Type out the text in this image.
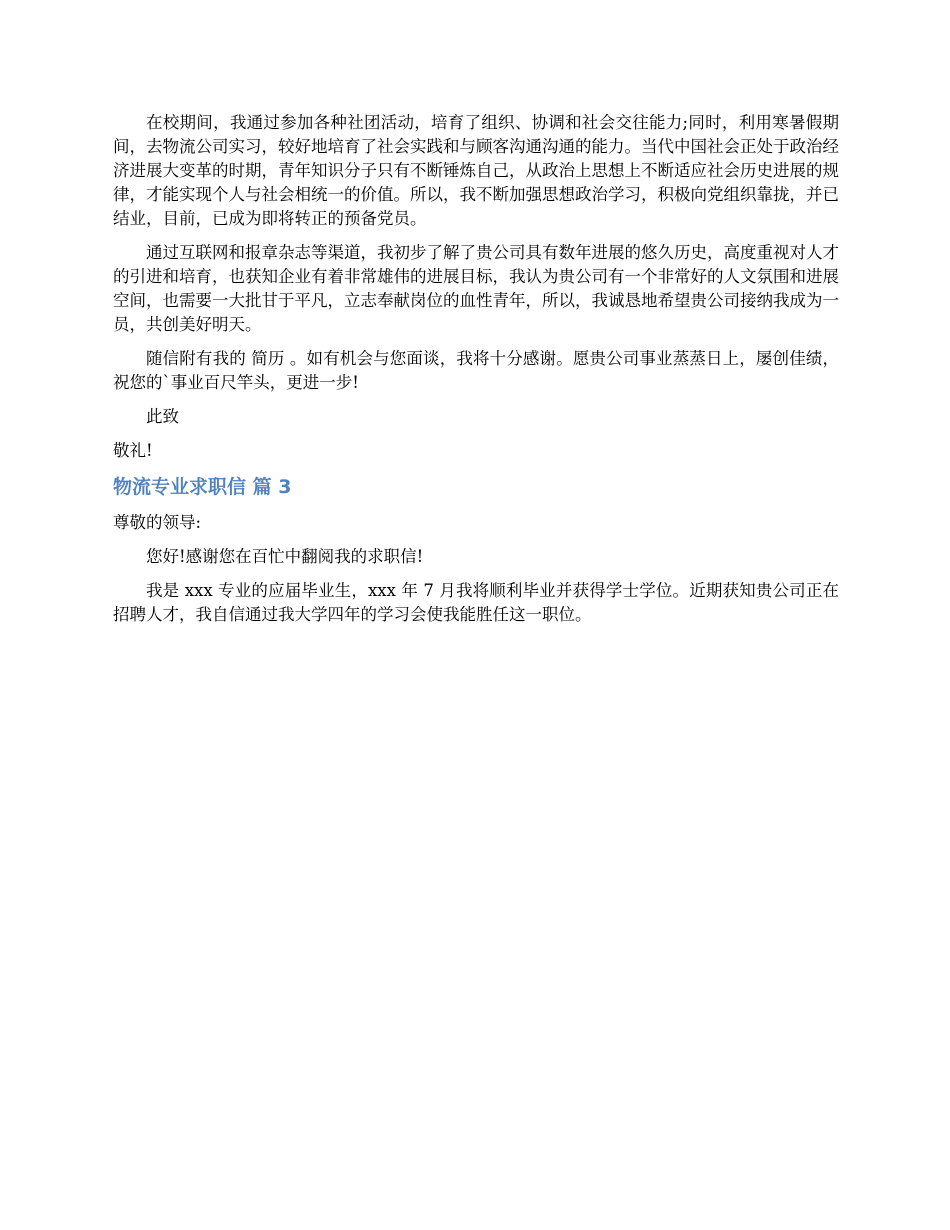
在校期间，我通过参加各种社团活动，培育了组织、协调和社会交往能力;同时，利用寒暑假期间，去物流公司实习，较好地培育了社会实践和与顾客沟通沟通的能力。当代中国社会正处于政治经济进展大变革的时期，青年知识分子只有不断锤炼自己，从政治上思想上不断适应社会历史进展的规律，才能实现个人与社会相统一的价值。所以，我不断加强思想政治学习，积极向党组织靠拢，并已结业，目前，已成为即将转正的预备党员。

通过互联网和报章杂志等渠道，我初步了解了贵公司具有数年进展的悠久历史，高度重视对人才的引进和培育，也获知企业有着非常雄伟的进展目标，我认为贵公司有一个非常好的人文氛围和进展空间，也需要一大批甘于平凡，立志奉献岗位的血性青年，所以，我诚恳地希望贵公司接纳我成为一员，共创美好明天。

随信附有我的 简历 。如有机会与您面谈，我将十分感谢。愿贵公司事业蒸蒸日上，屡创佳绩，祝您的`事业百尺竿头，更进一步!

此致

敬礼!

物流专业求职信 篇 3

尊敬的领导:

您好!感谢您在百忙中翻阅我的求职信!

我是 xxx 专业的应届毕业生，xxx 年 7 月我将顺利毕业并获得学士学位。近期获知贵公司正在招聘人才，我自信通过我大学四年的学习会使我能胜任这一职位。
